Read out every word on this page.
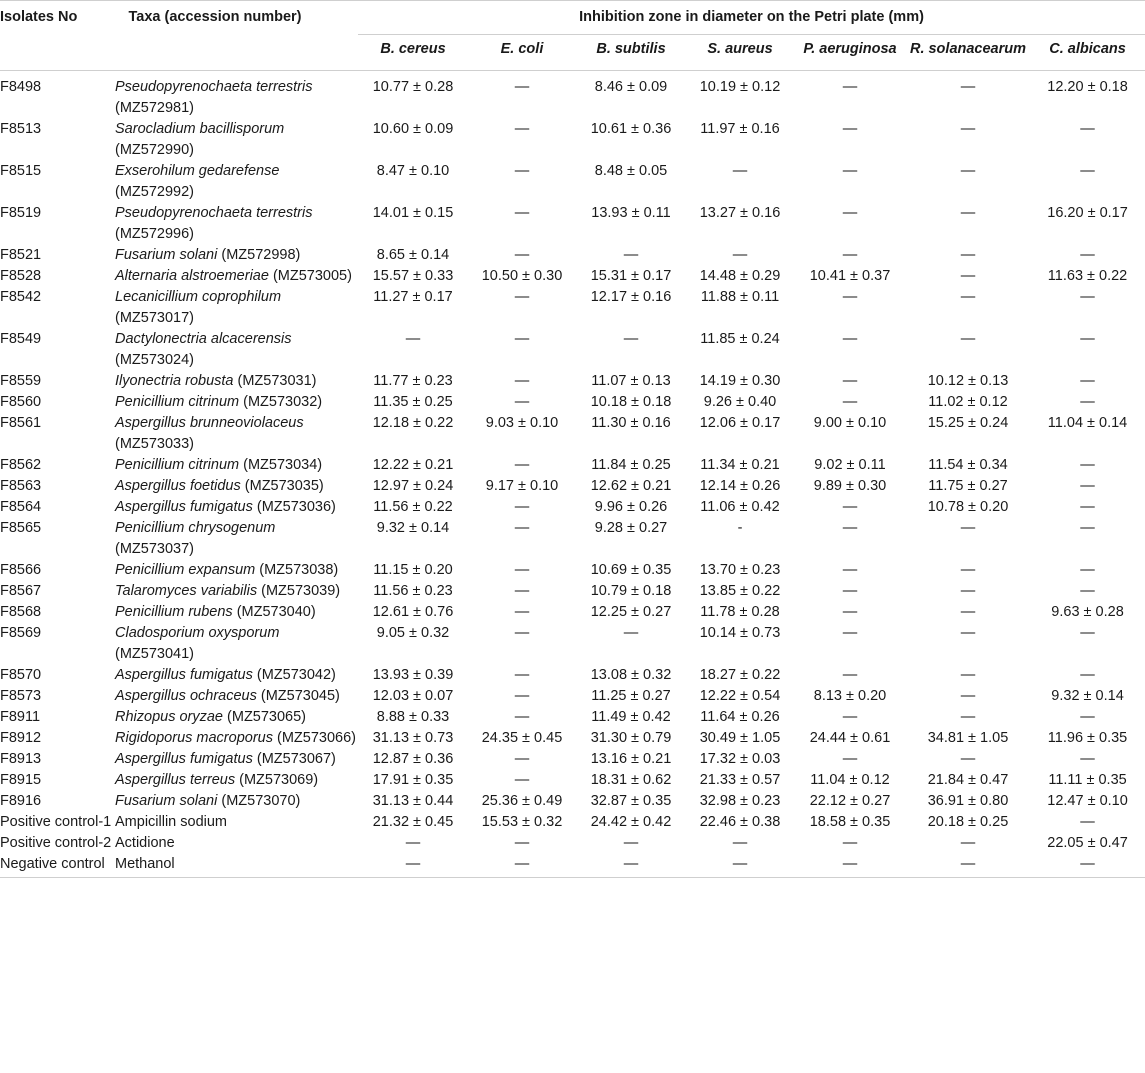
Isolates No	Taxa (accession number)	Inhibition zone in diameter on the Petri plate (mm)						
		B. cereus	E. coli	B. subtilis	S. aureus	P. aeruginosa	R. solanacearum	C. albicans
F8498	Pseudopyrenochaeta terrestris (MZ572981)	10.77 ± 0.28	—	8.46 ± 0.09	10.19 ± 0.12	—	—	12.20 ± 0.18
F8513	Sarocladium bacillisporum (MZ572990)	10.60 ± 0.09	—	10.61 ± 0.36	11.97 ± 0.16	—	—	—
F8515	Exserohilum gedarefense (MZ572992)	8.47 ± 0.10	—	8.48 ± 0.05	—	—	—	—
F8519	Pseudopyrenochaeta terrestris (MZ572996)	14.01 ± 0.15	—	13.93 ± 0.11	13.27 ± 0.16	—	—	16.20 ± 0.17
F8521	Fusarium solani (MZ572998)	8.65 ± 0.14	—	—	—	—	—	—
F8528	Alternaria alstroemeriae (MZ573005)	15.57 ± 0.33	10.50 ± 0.30	15.31 ± 0.17	14.48 ± 0.29	10.41 ± 0.37	—	11.63 ± 0.22
F8542	Lecanicillium coprophilum (MZ573017)	11.27 ± 0.17	—	12.17 ± 0.16	11.88 ± 0.11	—	—	—
F8549	Dactylonectria alcacerensis (MZ573024)	—	—	—	11.85 ± 0.24	—	—	—
F8559	Ilyonectria robusta (MZ573031)	11.77 ± 0.23	—	11.07 ± 0.13	14.19 ± 0.30	—	10.12 ± 0.13	—
F8560	Penicillium citrinum (MZ573032)	11.35 ± 0.25	—	10.18 ± 0.18	9.26 ± 0.40	—	11.02 ± 0.12	—
F8561	Aspergillus brunneoviolaceus (MZ573033)	12.18 ± 0.22	9.03 ± 0.10	11.30 ± 0.16	12.06 ± 0.17	9.00 ± 0.10	15.25 ± 0.24	11.04 ± 0.14
F8562	Penicillium citrinum (MZ573034)	12.22 ± 0.21	—	11.84 ± 0.25	11.34 ± 0.21	9.02 ± 0.11	11.54 ± 0.34	—
F8563	Aspergillus foetidus (MZ573035)	12.97 ± 0.24	9.17 ± 0.10	12.62 ± 0.21	12.14 ± 0.26	9.89 ± 0.30	11.75 ± 0.27	—
F8564	Aspergillus fumigatus (MZ573036)	11.56 ± 0.22	—	9.96 ± 0.26	11.06 ± 0.42	—	10.78 ± 0.20	—
F8565	Penicillium chrysogenum (MZ573037)	9.32 ± 0.14	—	9.28 ± 0.27	-	—	—	—
F8566	Penicillium expansum (MZ573038)	11.15 ± 0.20	—	10.69 ± 0.35	13.70 ± 0.23	—	—	—
F8567	Talaromyces variabilis (MZ573039)	11.56 ± 0.23	—	10.79 ± 0.18	13.85 ± 0.22	—	—	—
F8568	Penicillium rubens (MZ573040)	12.61 ± 0.76	—	12.25 ± 0.27	11.78 ± 0.28	—	—	9.63 ± 0.28
F8569	Cladosporium oxysporum (MZ573041)	9.05 ± 0.32	—	—	10.14 ± 0.73	—	—	—
F8570	Aspergillus fumigatus (MZ573042)	13.93 ± 0.39	—	13.08 ± 0.32	18.27 ± 0.22	—	—	—
F8573	Aspergillus ochraceus (MZ573045)	12.03 ± 0.07	—	11.25 ± 0.27	12.22 ± 0.54	8.13 ± 0.20	—	9.32 ± 0.14
F8911	Rhizopus oryzae (MZ573065)	8.88 ± 0.33	—	11.49 ± 0.42	11.64 ± 0.26	—	—	—
F8912	Rigidoporus macroporus (MZ573066)	31.13 ± 0.73	24.35 ± 0.45	31.30 ± 0.79	30.49 ± 1.05	24.44 ± 0.61	34.81 ± 1.05	11.96 ± 0.35
F8913	Aspergillus fumigatus (MZ573067)	12.87 ± 0.36	—	13.16 ± 0.21	17.32 ± 0.03	—	—	—
F8915	Aspergillus terreus (MZ573069)	17.91 ± 0.35	—	18.31 ± 0.62	21.33 ± 0.57	11.04 ± 0.12	21.84 ± 0.47	11.11 ± 0.35
F8916	Fusarium solani (MZ573070)	31.13 ± 0.44	25.36 ± 0.49	32.87 ± 0.35	32.98 ± 0.23	22.12 ± 0.27	36.91 ± 0.80	12.47 ± 0.10
Positive control-1	Ampicillin sodium	21.32 ± 0.45	15.53 ± 0.32	24.42 ± 0.42	22.46 ± 0.38	18.58 ± 0.35	20.18 ± 0.25	—
Positive control-2	Actidione	—	—	—	—	—	—	22.05 ± 0.47
Negative control	Methanol	—	—	—	—	—	—	—
